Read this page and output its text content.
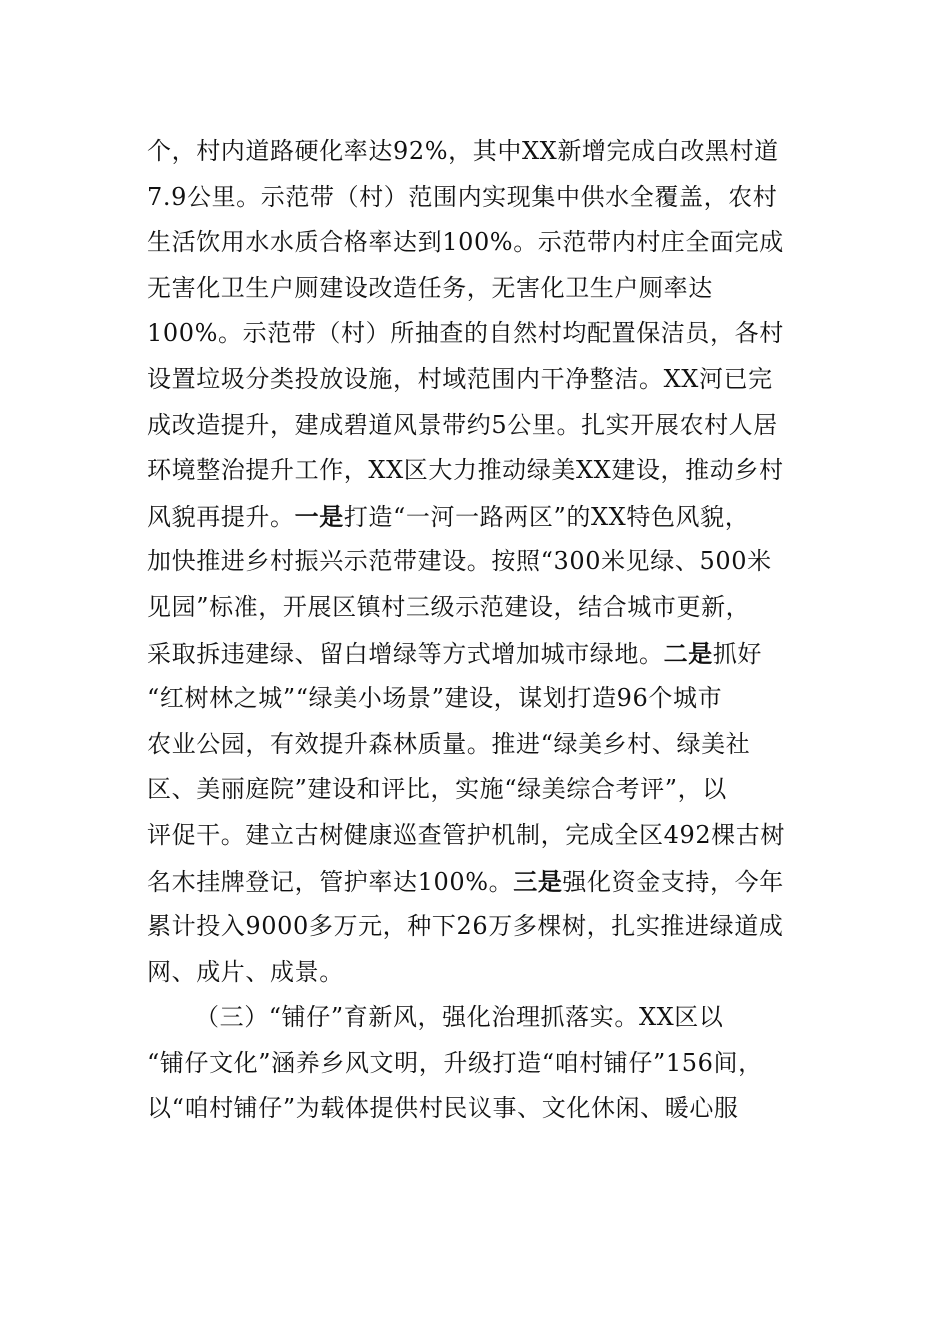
个，村内道路硬化率达92%，其中XX新增完成白改黑村道
7.9公里。示范带（村）范围内实现集中供水全覆盖，农村
生活饮用水水质合格率达到100%。示范带内村庄全面完成
无害化卫生户厕建设改造任务，无害化卫生户厕率达
100%。示范带（村）所抽查的自然村均配置保洁员，各村
设置垃圾分类投放设施，村域范围内干净整洁。XX河已完
成改造提升，建成碧道风景带约5公里。扎实开展农村人居
环境整治提升工作，XX区大力推动绿美XX建设，推动乡村
风貌再提升。一是打造“一河一路两区”的XX特色风貌，
加快推进乡村振兴示范带建设。按照“300米见绿、500米
见园”标准，开展区镇村三级示范建设，结合城市更新，
采取拆违建绿、留白增绿等方式增加城市绿地。二是抓好
“红树林之城”“绿美小场景”建设，谋划打造96个城市
农业公园，有效提升森林质量。推进“绿美乡村、绿美社
区、美丽庭院”建设和评比，实施“绿美综合考评”，以
评促干。建立古树健康巡查管护机制，完成全区492棵古树
名木挂牌登记，管护率达100%。三是强化资金支持，今年
累计投入9000多万元，种下26万多棵树，扎实推进绿道成
网、成片、成景。
（三）“铺仔”育新风，强化治理抓落实。XX区以
“铺仔文化”涵养乡风文明，升级打造“咱村铺仔”156间，
以“咱村铺仔”为载体提供村民议事、文化休闲、暖心服
